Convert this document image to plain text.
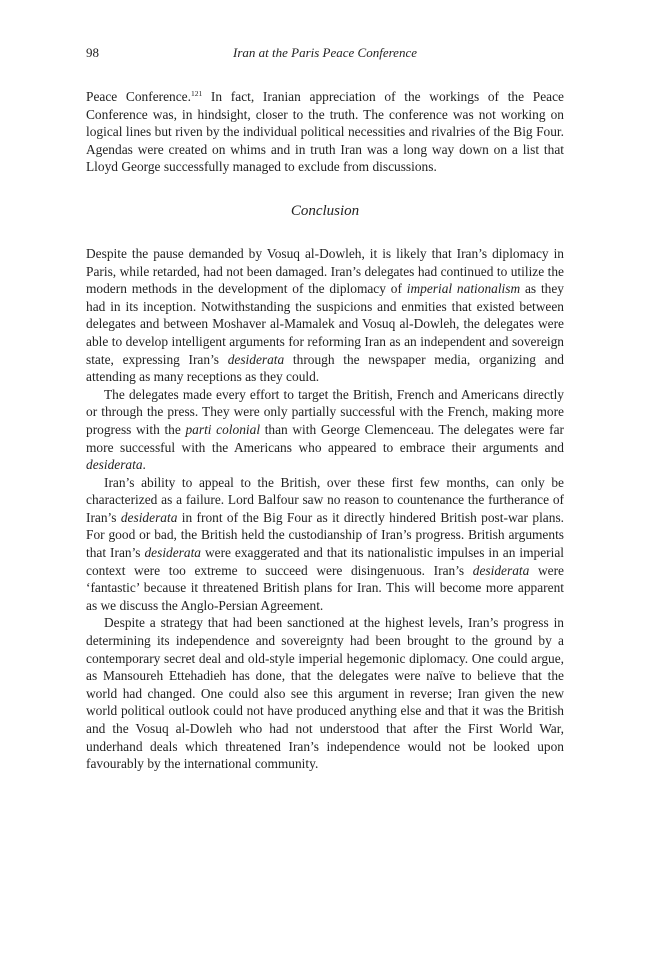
98	Iran at the Paris Peace Conference

Peace Conference.$^{121}$ In fact, Iranian appreciation of the workings of the Peace Conference was, in hindsight, closer to the truth. The conference was not working on logical lines but riven by the individual political necessities and rivalries of the Big Four. Agendas were created on whims and in truth Iran was a long way down on a list that Lloyd George successfully managed to exclude from discussions.

Conclusion

Despite the pause demanded by Vosuq al-Dowleh, it is likely that Iran’s diplomacy in Paris, while retarded, had not been damaged. Iran’s delegates had continued to utilize the modern methods in the development of the diplomacy of imperial nationalism as they had in its inception. Notwithstanding the suspicions and enmities that existed between delegates and between Moshaver al-Mamalek and Vosuq al-Dowleh, the delegates were able to develop intelligent arguments for reforming Iran as an independent and sovereign state, expressing Iran’s desiderata through the newspaper media, organizing and attending as many receptions as they could.

The delegates made every effort to target the British, French and Americans directly or through the press. They were only partially successful with the French, making more progress with the parti colonial than with George Clemenceau. The delegates were far more successful with the Americans who appeared to embrace their arguments and desiderata.

Iran’s ability to appeal to the British, over these first few months, can only be characterized as a failure. Lord Balfour saw no reason to countenance the furtherance of Iran’s desiderata in front of the Big Four as it directly hindered British post-war plans. For good or bad, the British held the custodianship of Iran’s progress. British arguments that Iran’s desiderata were exaggerated and that its nationalistic impulses in an imperial context were too extreme to succeed were disingenuous. Iran’s desiderata were ‘fantastic’ because it threatened British plans for Iran. This will become more apparent as we discuss the Anglo-Persian Agreement.

Despite a strategy that had been sanctioned at the highest levels, Iran’s progress in determining its independence and sovereignty had been brought to the ground by a contemporary secret deal and old-style imperial hegemonic diplomacy. One could argue, as Mansoureh Ettehadieh has done, that the delegates were naïve to believe that the world had changed. One could also see this argument in reverse; Iran given the new world political outlook could not have produced anything else and that it was the British and the Vosuq al-Dowleh who had not understood that after the First World War, underhand deals which threatened Iran’s independence would not be looked upon favourably by the international community.
